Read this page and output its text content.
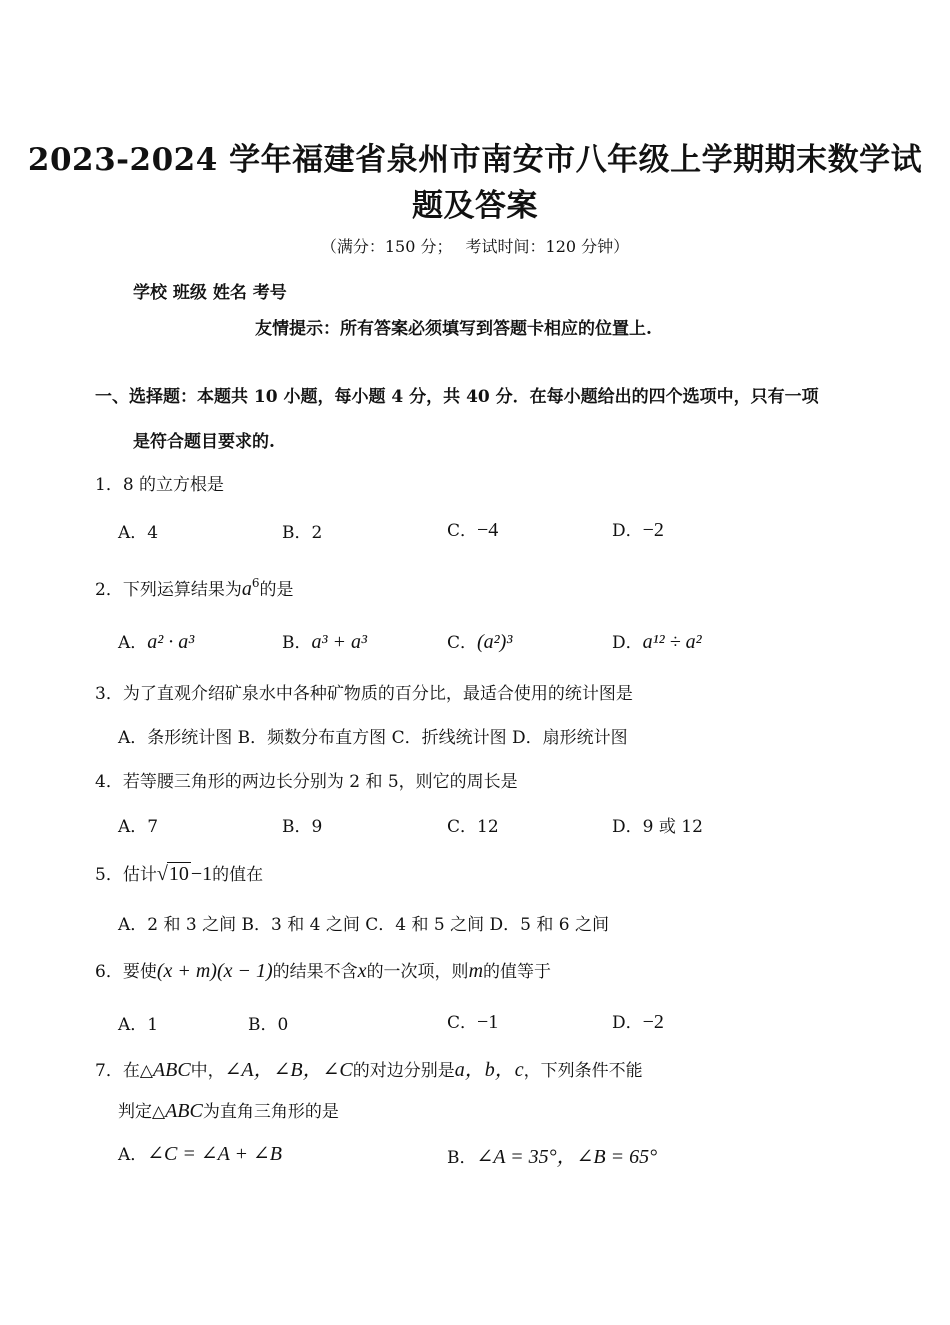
2023-2024 学年福建省泉州市南安市八年级上学期期末数学试
题及答案
（满分：150 分；　 考试时间：120 分钟）
学校 班级 姓名 考号
友情提示：所有答案必须填写到答题卡相应的位置上.
一、选择题：本题共 10 小题，每小题 4 分，共 40 分．在每小题给出的四个选项中，只有一项
是符合题目要求的.
1．8 的立方根是
A．4	B．2	C．−4	D．−2
2．下列运算结果为$a^6$的是
A．a² · a³	B．a³ + a³	C．(a²)³	D．a¹² ÷ a²
3．为了直观介绍矿泉水中各种矿物质的百分比，最适合使用的统计图是
A．条形统计图 B．频数分布直方图 C．折线统计图 D．扇形统计图
4．若等腰三角形的两边长分别为 2 和 5，则它的周长是
A．7	B．9	C．12	D．9 或 12
5．估计√10 −1的值在
A．2 和 3 之间 B．3 和 4 之间 C．4 和 5 之间 D．5 和 6 之间
6．要使(x + m)(x − 1)的结果不含x的一次项，则m的值等于
A．1	B．0	C．−1	D．−2
7．在△ABC中，∠A，∠B，∠C的对边分别是a，b，c，下列条件不能
判定△ABC为直角三角形的是
A．∠C = ∠A + ∠B	B．∠A = 35°，∠B = 65°
